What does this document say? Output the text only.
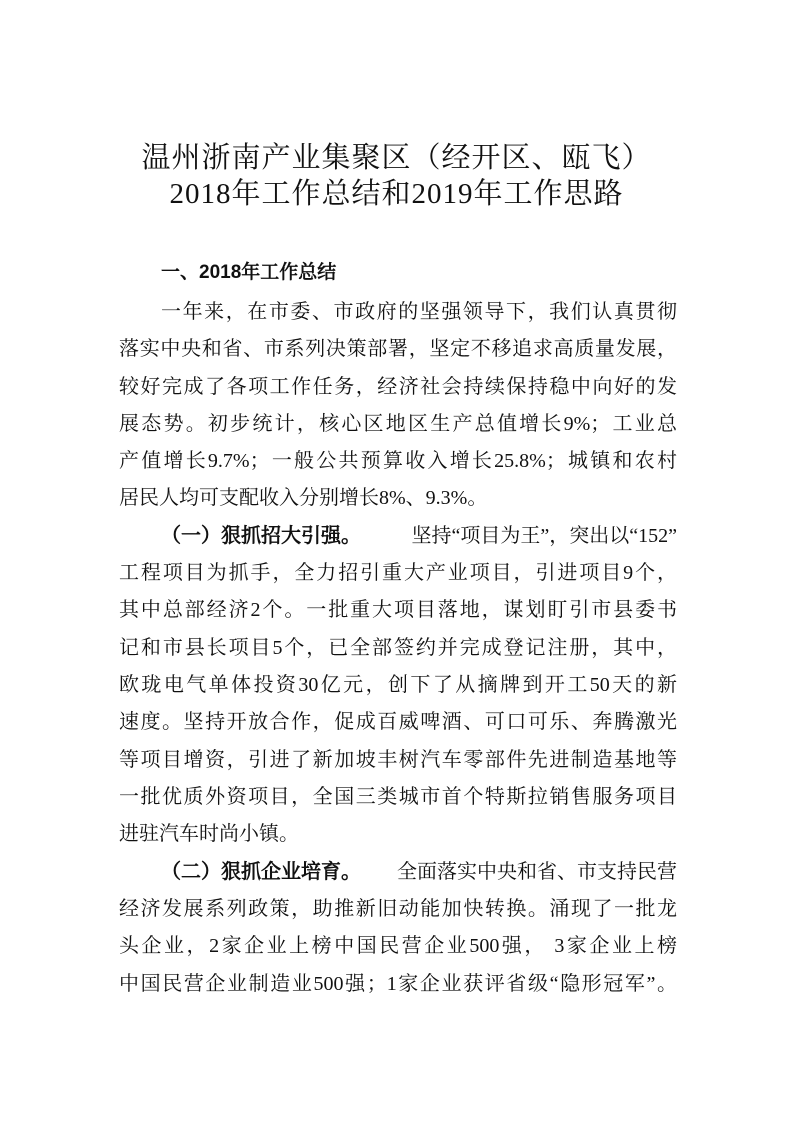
温州浙南产业集聚区（经开区、瓯飞）
2018年工作总结和2019年工作思路
一、2018年工作总结
一年来，在市委、市政府的坚强领导下，我们认真贯彻
落实中央和省、市系列决策部署，坚定不移追求高质量发展，
较好完成了各项工作任务，经济社会持续保持稳中向好的发
展态势。初步统计，核心区地区生产总值增长9%；工业总
产值增长9.7%；一般公共预算收入增长25.8%；城镇和农村
居民人均可支配收入分别增长8%、9.3%。
（一）狠抓招大引强。	坚持“项目为王”，突出以“152”
工程项目为抓手，全力招引重大产业项目，引进项目9个，
其中总部经济2个。一批重大项目落地，谋划盯引市县委书
记和市县长项目5个，已全部签约并完成登记注册，其中，
欧珑电气单体投资30亿元，创下了从摘牌到开工50天的新
速度。坚持开放合作，促成百威啤酒、可口可乐、奔腾激光
等项目增资，引进了新加坡丰树汽车零部件先进制造基地等
一批优质外资项目，全国三类城市首个特斯拉销售服务项目
进驻汽车时尚小镇。
（二）狠抓企业培育。 全面落实中央和省、市支持民营
经济发展系列政策，助推新旧动能加快转换。涌现了一批龙
头企业，2家企业上榜中国民营企业500强， 3家企业上榜
中国民营企业制造业500强；1家企业获评省级“隐形冠军”。
